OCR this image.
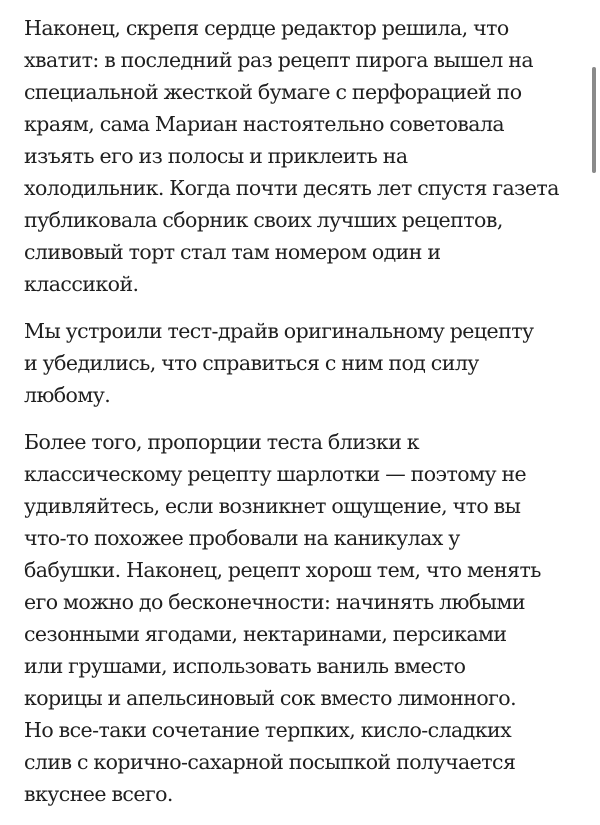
Наконец, скрепя сердце редактор решила, что
хватит: в последний раз рецепт пирога вышел на
специальной жесткой бумаге с перфорацией по
краям, сама Мариан настоятельно советовала
изъять его из полосы и приклеить на
холодильник. Когда почти десять лет спустя газета
публиковала сборник своих лучших рецептов,
сливовый торт стал там номером один и
классикой.

Мы устроили тест-драйв оригинальному рецепту
и убедились, что справиться с ним под силу
любому.

Более того, пропорции теста близки к
классическому рецепту шарлотки — поэтому не
удивляйтесь, если возникнет ощущение, что вы
что-то похожее пробовали на каникулах у
бабушки. Наконец, рецепт хорош тем, что менять
его можно до бесконечности: начинять любыми
сезонными ягодами, нектаринами, персиками
или грушами, использовать ваниль вместо
корицы и апельсиновый сок вместо лимонного.
Но все-таки сочетание терпких, кисло-сладких
слив с корично-сахарной посыпкой получается
вкуснее всего.
